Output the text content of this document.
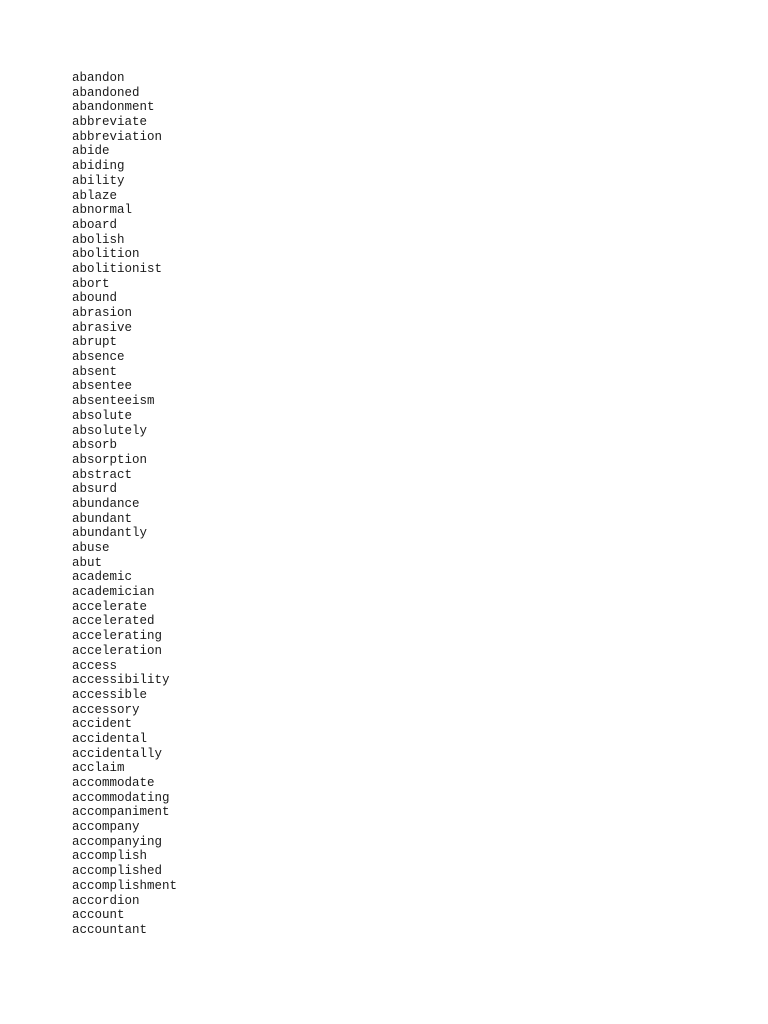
abandon
abandoned
abandonment
abbreviate
abbreviation
abide
abiding
ability
ablaze
abnormal
aboard
abolish
abolition
abolitionist
abort
abound
abrasion
abrasive
abrupt
absence
absent
absentee
absenteeism
absolute
absolutely
absorb
absorption
abstract
absurd
abundance
abundant
abundantly
abuse
abut
academic
academician
accelerate
accelerated
accelerating
acceleration
access
accessibility
accessible
accessory
accident
accidental
accidentally
acclaim
accommodate
accommodating
accompaniment
accompany
accompanying
accomplish
accomplished
accomplishment
accordion
account
accountant
